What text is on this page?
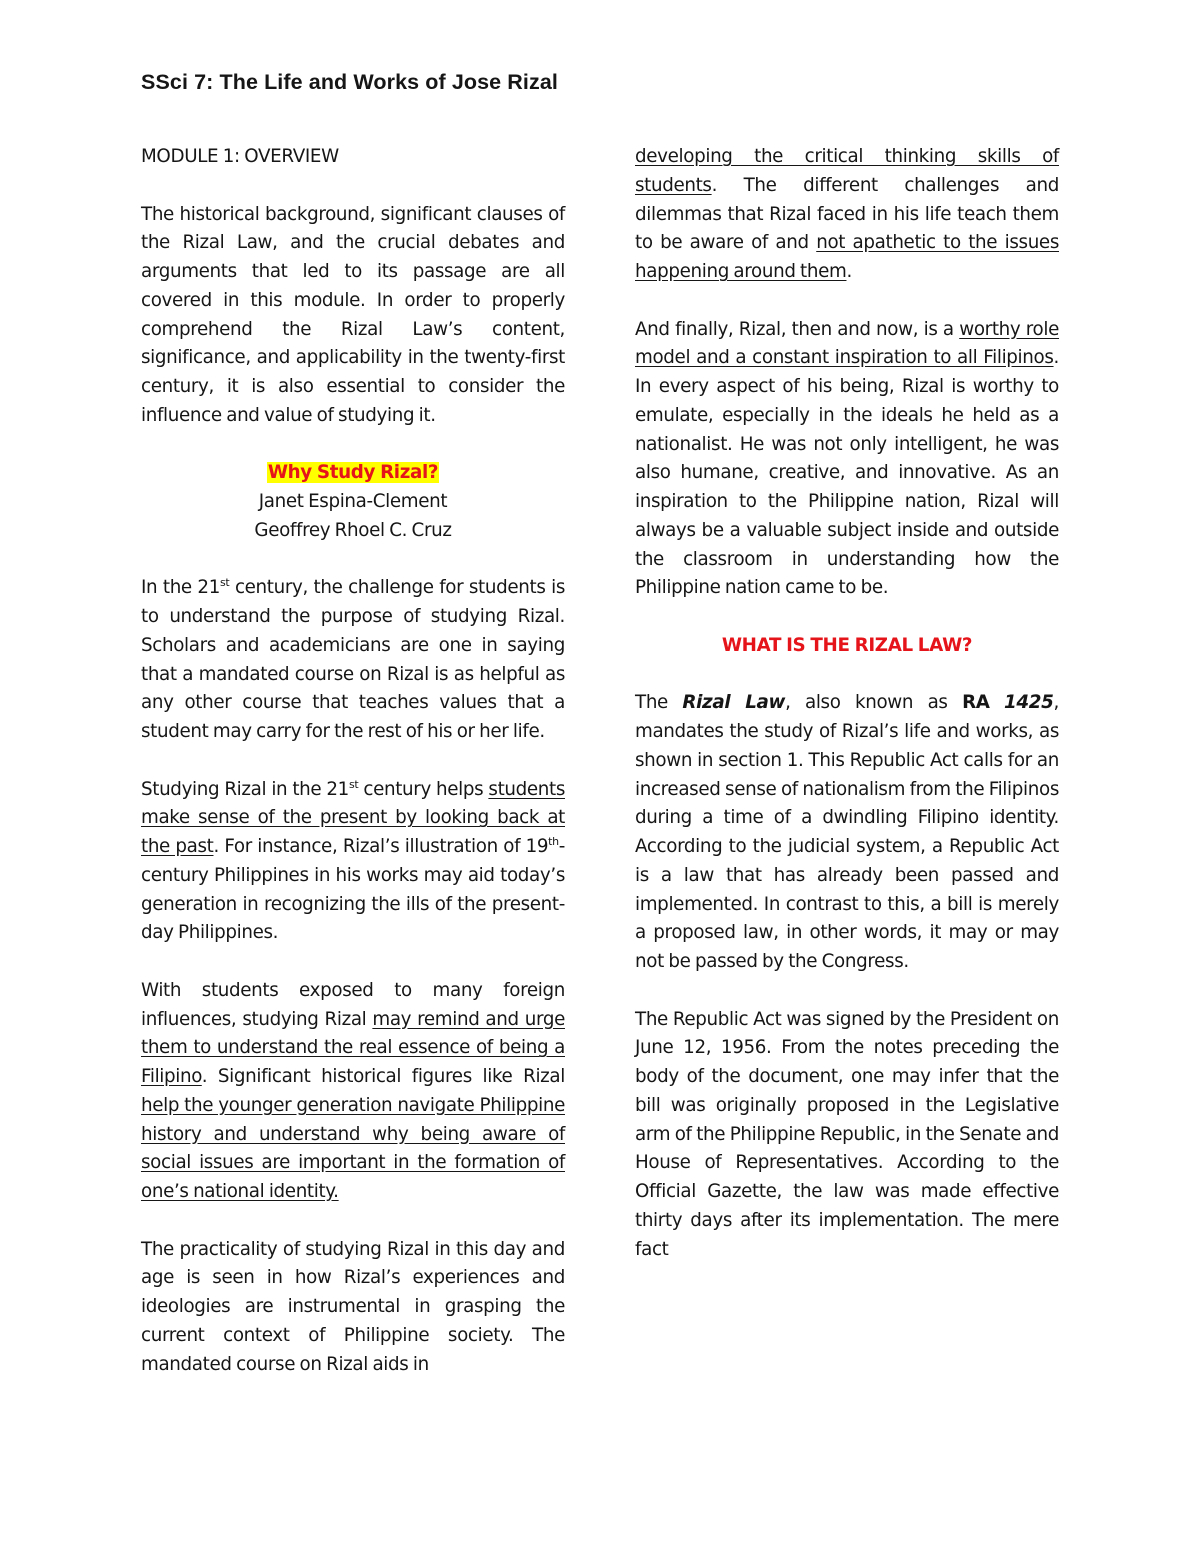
SSci 7: The Life and Works of Jose Rizal

MODULE 1: OVERVIEW

The historical background, significant clauses of the Rizal Law, and the crucial debates and arguments that led to its passage are all covered in this module. In order to properly comprehend the Rizal Law’s content, significance, and applicability in the twenty-first century, it is also essential to consider the influence and value of studying it.

Why Study Rizal?

Janet Espina-Clement

Geoffrey Rhoel C. Cruz

In the 21st century, the challenge for students is to understand the purpose of studying Rizal. Scholars and academicians are one in saying that a mandated course on Rizal is as helpful as any other course that teaches values that a student may carry for the rest of his or her life.

Studying Rizal in the 21st century helps students make sense of the present by looking back at the past. For instance, Rizal’s illustration of 19th-century Philippines in his works may aid today’s generation in recognizing the ills of the present-day Philippines.

With students exposed to many foreign influences, studying Rizal may remind and urge them to understand the real essence of being a Filipino. Significant historical figures like Rizal help the younger generation navigate Philippine history and understand why being aware of social issues are important in the formation of one’s national identity.

The practicality of studying Rizal in this day and age is seen in how Rizal’s experiences and ideologies are instrumental in grasping the current context of Philippine society. The mandated course on Rizal aids in

developing the critical thinking skills of students. The different challenges and dilemmas that Rizal faced in his life teach them to be aware of and not apathetic to the issues happening around them.

And finally, Rizal, then and now, is a worthy role model and a constant inspiration to all Filipinos. In every aspect of his being, Rizal is worthy to emulate, especially in the ideals he held as a nationalist. He was not only intelligent, he was also humane, creative, and innovative. As an inspiration to the Philippine nation, Rizal will always be a valuable subject inside and outside the classroom in understanding how the Philippine nation came to be.

WHAT IS THE RIZAL LAW?

The Rizal Law, also known as RA 1425, mandates the study of Rizal’s life and works, as shown in section 1. This Republic Act calls for an increased sense of nationalism from the Filipinos during a time of a dwindling Filipino identity. According to the judicial system, a Republic Act is a law that has already been passed and implemented. In contrast to this, a bill is merely a proposed law, in other words, it may or may not be passed by the Congress.

The Republic Act was signed by the President on June 12, 1956. From the notes preceding the body of the document, one may infer that the bill was originally proposed in the Legislative arm of the Philippine Republic, in the Senate and House of Representatives. According to the Official Gazette, the law was made effective thirty days after its implementation. The mere fact
